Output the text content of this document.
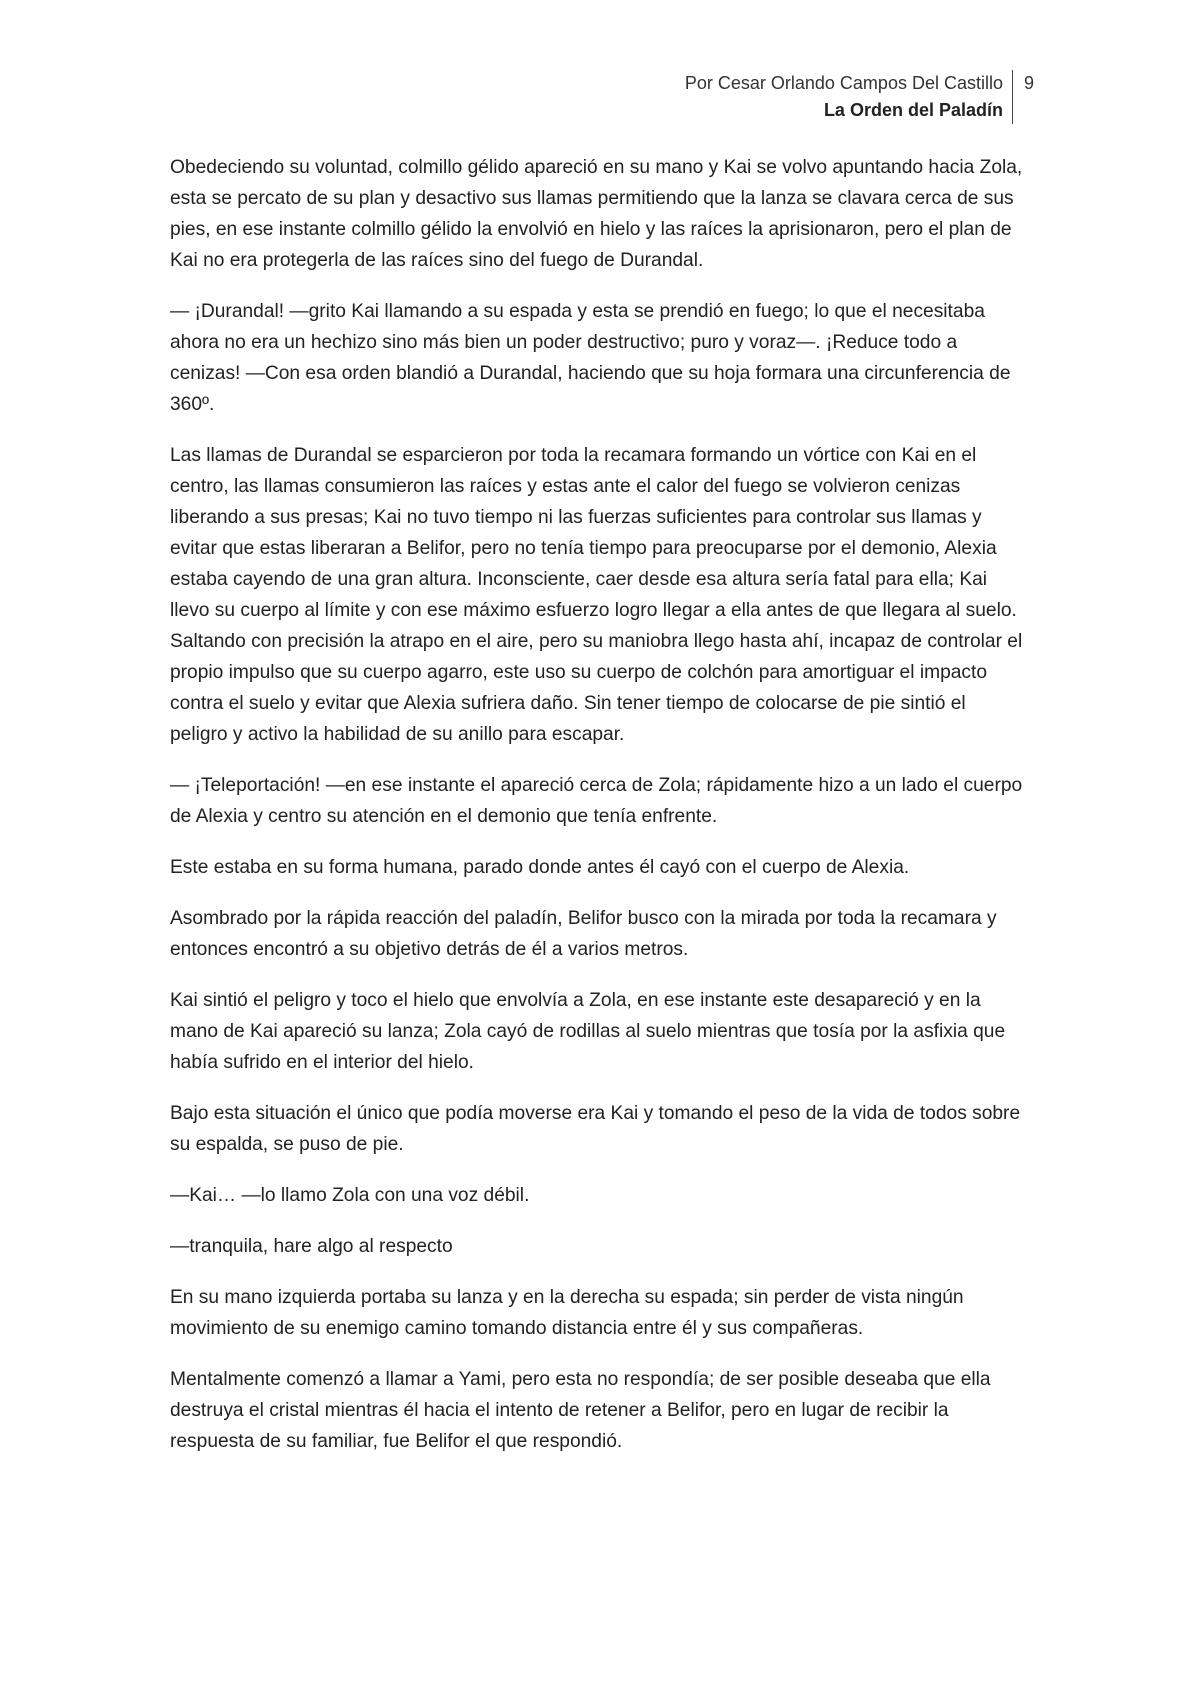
Por Cesar Orlando Campos Del Castillo
La Orden del Paladín
9

Obedeciendo su voluntad, colmillo gélido apareció en su mano y Kai se volvo apuntando hacia Zola, esta se percato de su plan y desactivo sus llamas permitiendo que la lanza se clavara cerca de sus pies, en ese instante colmillo gélido la envolvió en hielo y las raíces la aprisionaron, pero el plan de Kai no era protegerla de las raíces sino del fuego de Durandal.

— ¡Durandal! —grito Kai llamando a su espada y esta se prendió en fuego; lo que el necesitaba ahora no era un hechizo sino más bien un poder destructivo; puro y voraz—. ¡Reduce todo a cenizas! —Con esa orden blandió a Durandal, haciendo que su hoja formara una circunferencia de 360º.

Las llamas de Durandal se esparcieron por toda la recamara formando un vórtice con Kai en el centro, las llamas consumieron las raíces y estas ante el calor del fuego se volvieron cenizas liberando a sus presas; Kai no tuvo tiempo ni las fuerzas suficientes para controlar sus llamas y evitar que estas liberaran a Belifor, pero no tenía tiempo para preocuparse por el demonio, Alexia estaba cayendo de una gran altura. Inconsciente, caer desde esa altura sería fatal para ella; Kai llevo su cuerpo al límite y con ese máximo esfuerzo logro llegar a ella antes de que llegara al suelo. Saltando con precisión la atrapo en el aire, pero su maniobra llego hasta ahí, incapaz de controlar el propio impulso que su cuerpo agarro, este uso su cuerpo de colchón para amortiguar el impacto contra el suelo y evitar que Alexia sufriera daño. Sin tener tiempo de colocarse de pie sintió el peligro y activo la habilidad de su anillo para escapar.

— ¡Teleportación! —en ese instante el apareció cerca de Zola; rápidamente hizo a un lado el cuerpo de Alexia y centro su atención en el demonio que tenía enfrente.

Este estaba en su forma humana, parado donde antes él cayó con el cuerpo de Alexia.

Asombrado por la rápida reacción del paladín, Belifor busco con la mirada por toda la recamara y entonces encontró a su objetivo detrás de él a varios metros.

Kai sintió el peligro y toco el hielo que envolvía a Zola, en ese instante este desapareció y en la mano de Kai apareció su lanza; Zola cayó de rodillas al suelo mientras que tosía por la asfixia que había sufrido en el interior del hielo.

Bajo esta situación el único que podía moverse era Kai y tomando el peso de la vida de todos sobre su espalda, se puso de pie.

—Kai… —lo llamo Zola con una voz débil.

—tranquila, hare algo al respecto

En su mano izquierda portaba su lanza y en la derecha su espada; sin perder de vista ningún movimiento de su enemigo camino tomando distancia entre él y sus compañeras.

Mentalmente comenzó a llamar a Yami, pero esta no respondía; de ser posible deseaba que ella destruya el cristal mientras él hacia el intento de retener a Belifor, pero en lugar de recibir la respuesta de su familiar, fue Belifor el que respondió.
